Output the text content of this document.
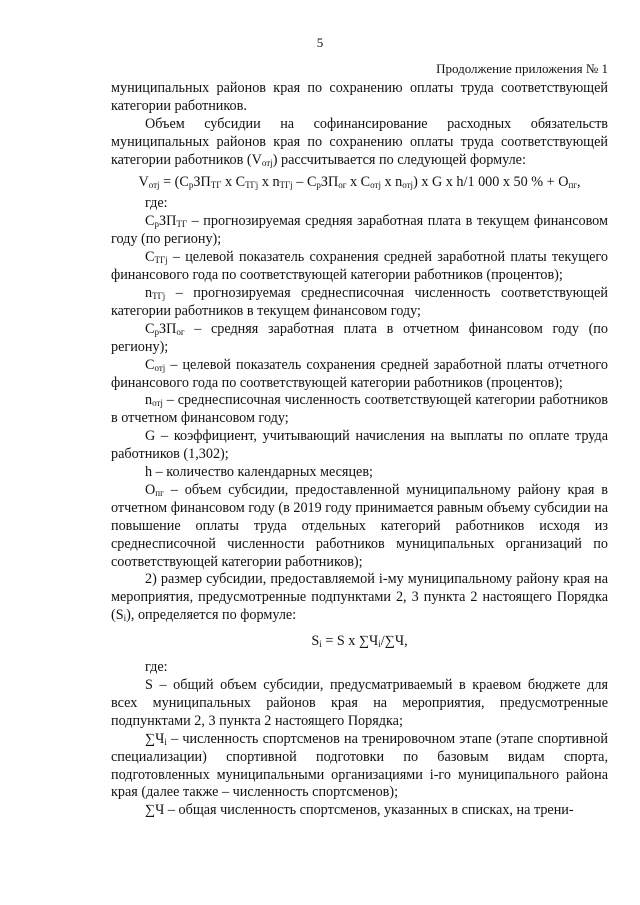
5
Продолжение приложения № 1

муниципальных районов края по сохранению оплаты труда соответствующей категории работников.

Объем субсидии на софинансирование расходных обязательств муниципальных районов края по сохранению оплаты труда соответствующей категории работников $(V_{отj})$ рассчитывается по следующей формуле:

$V_{отj} = (С_рЗП_{ТГ}$ х $С_{ТГj}$ х $n_{ТГj} - С_рЗП_{ог}$ х $С_{отj}$ х $n_{отj}$) х G х h/1 000 х 50 % + $О_{пг}$,

где:

$С_рЗП_{ТГ}$ – прогнозируемая средняя заработная плата в текущем финансовом году (по региону);

$С_{ТГj}$ – целевой показатель сохранения средней заработной платы текущего финансового года по соответствующей категории работников (процентов);

$n_{ТГj}$ – прогнозируемая среднесписочная численность соответствующей категории работников в текущем финансовом году;

$С_рЗП_{ог}$ – средняя заработная плата в отчетном финансовом году (по региону);

$С_{отj}$ – целевой показатель сохранения средней заработной платы отчетного финансового года по соответствующей категории работников (процентов);

$n_{отj}$ – среднесписочная численность соответствующей категории работников в отчетном финансовом году;

G – коэффициент, учитывающий начисления на выплаты по оплате труда работников (1,302);

h – количество календарных месяцев;

$О_{пг}$ – объем субсидии, предоставленной муниципальному району края в отчетном финансовом году (в 2019 году принимается равным объему субсидии на повышение оплаты труда отдельных категорий работников исходя из среднесписочной численности работников муниципальных организаций по соответствующей категории работников);

2) размер субсидии, предоставляемой i-му муниципальному району края на мероприятия, предусмотренные подпунктами 2, 3 пункта 2 настоящего Порядка $(S_i)$, определяется по формуле:

$S_i = S$ х $\sum Ч_i/\sum Ч$,

где:

S – общий объем субсидии, предусматриваемый в краевом бюджете для всех муниципальных районов края на мероприятия, предусмотренные подпунктами 2, 3 пункта 2 настоящего Порядка;

$\sum Ч_i$ – численность спортсменов на тренировочном этапе (этапе спортивной специализации) спортивной подготовки по базовым видам спорта, подготовленных муниципальными организациями i-го муниципального района края (далее также – численность спортсменов);

∑Ч – общая численность спортсменов, указанных в списках, на трени-
